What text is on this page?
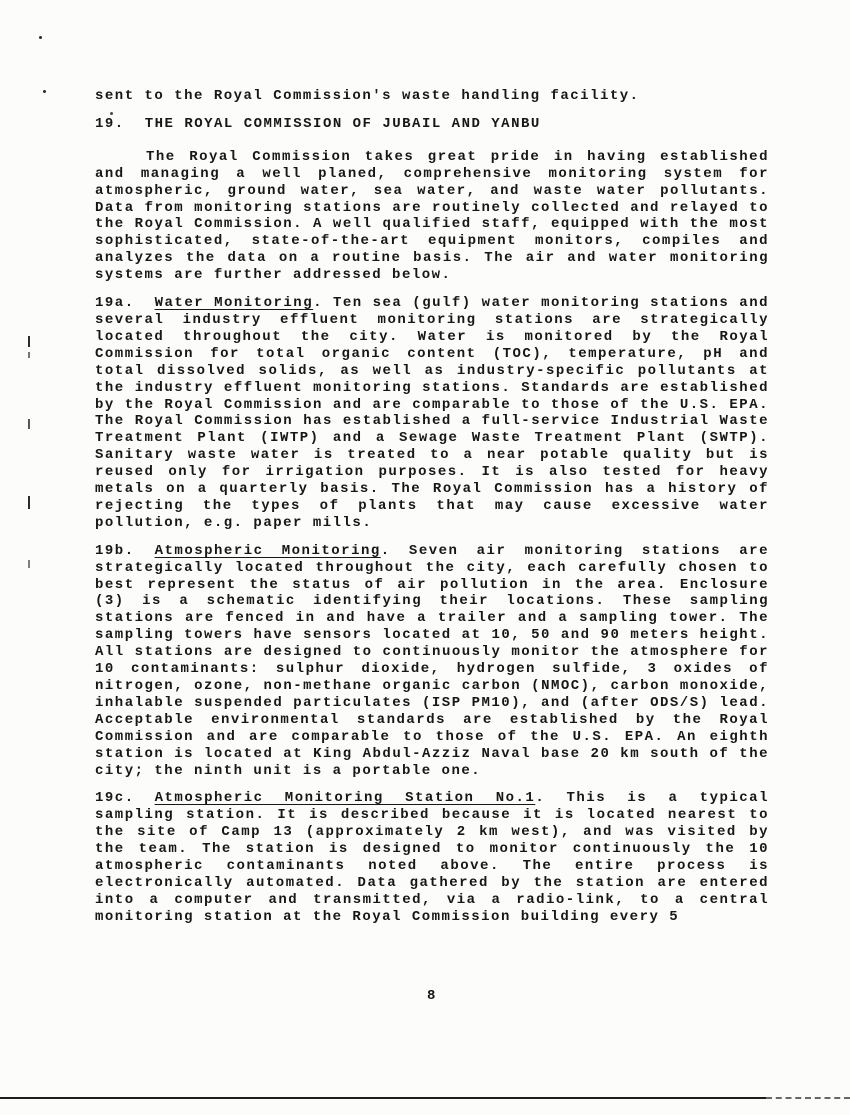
sent to the Royal Commission's waste handling facility.

19. THE ROYAL COMMISSION OF JUBAIL AND YANBU

The Royal Commission takes great pride in having established and managing a well planed, comprehensive monitoring system for atmospheric, ground water, sea water, and waste water pollutants. Data from monitoring stations are routinely collected and relayed to the Royal Commission. A well qualified staff, equipped with the most sophisticated, state-of-the-art equipment monitors, compiles and analyzes the data on a routine basis. The air and water monitoring systems are further addressed below.

19a. Water Monitoring. Ten sea (gulf) water monitoring stations and several industry effluent monitoring stations are strategically located throughout the city. Water is monitored by the Royal Commission for total organic content (TOC), temperature, pH and total dissolved solids, as well as industry-specific pollutants at the industry effluent monitoring stations. Standards are established by the Royal Commission and are comparable to those of the U.S. EPA. The Royal Commission has established a full-service Industrial Waste Treatment Plant (IWTP) and a Sewage Waste Treatment Plant (SWTP). Sanitary waste water is treated to a near potable quality but is reused only for irrigation purposes. It is also tested for heavy metals on a quarterly basis. The Royal Commission has a history of rejecting the types of plants that may cause excessive water pollution, e.g. paper mills.

19b. Atmospheric Monitoring. Seven air monitoring stations are strategically located throughout the city, each carefully chosen to best represent the status of air pollution in the area. Enclosure (3) is a schematic identifying their locations. These sampling stations are fenced in and have a trailer and a sampling tower. The sampling towers have sensors located at 10, 50 and 90 meters height. All stations are designed to continuously monitor the atmosphere for 10 contaminants: sulphur dioxide, hydrogen sulfide, 3 oxides of nitrogen, ozone, non-methane organic carbon (NMOC), carbon monoxide, inhalable suspended particulates (ISP PM10), and (after ODS/S) lead. Acceptable environmental standards are established by the Royal Commission and are comparable to those of the U.S. EPA. An eighth station is located at King Abdul-Azziz Naval base 20 km south of the city; the ninth unit is a portable one.

19c. Atmospheric Monitoring Station No.1. This is a typical sampling station. It is described because it is located nearest to the site of Camp 13 (approximately 2 km west), and was visited by the team. The station is designed to monitor continuously the 10 atmospheric contaminants noted above. The entire process is electronically automated. Data gathered by the station are entered into a computer and transmitted, via a radio-link, to a central monitoring station at the Royal Commission building every 5

8
